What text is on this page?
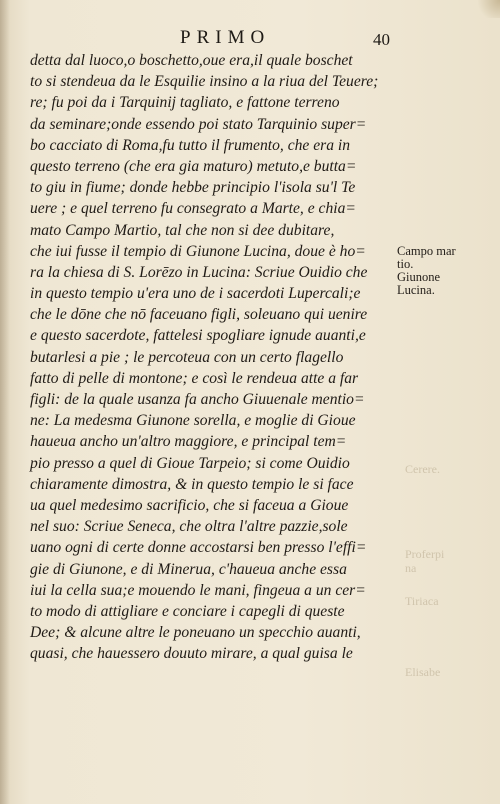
PRIMO	40
Cerere.
Proferpi
na
Tiriaca
Elisabe
detta dal luoco,o boschetto,oue era,il quale boschet
to si stendeua da le Esquilie insino a la riua del Teuere;
re; fu poi da i Tarquinij tagliato, e fattone terreno
da seminare;onde essendo poi stato Tarquinio super=
bo cacciato di Roma,fu tutto il frumento, che era in
questo terreno (che era gia maturo) metuto,e butta=
to giu in fiume; donde hebbe principio l'isola su'l Te
uere ; e quel terreno fu consegrato a Marte, e chia=
mato Campo Martio, tal che non si dee dubitare,
che iui fusse il tempio di Giunone Lucina, doue è ho=
ra la chiesa di S. Lorēzo in Lucina: Scriue Ouidio che
in questo tempio u'era uno de i sacerdoti Lupercali;e
che le dōne che nō faceuano figli, soleuano qui uenire
e questo sacerdote, fattelesi spogliare ignude auanti,e
butarlesi a pie ; le percoteua con un certo flagello
fatto di pelle di montone; e così le rendeua atte a far
figli: de la quale usanza fa ancho Giuuenale mentio=
ne: La medesma Giunone sorella, e moglie di Gioue
haueua ancho un'altro maggiore, e principal tem=
pio presso a quel di Gioue Tarpeio; si come Ouidio
chiaramente dimostra, & in questo tempio le si face
ua quel medesimo sacrificio, che si faceua a Gioue
nel suo: Scriue Seneca, che oltra l'altre pazzie,sole
uano ogni di certe donne accostarsi ben presso l'effi=
gie di Giunone, e di Minerua, c'haueua anche essa
iui la cella sua;e mouendo le mani, fingeua a un cer=
to modo di attigliare e conciare i capegli di queste
Dee; & alcune altre le poneuano un specchio auanti,
quasi, che hauessero douuto mirare, a qual guisa le
Campo mar
tio.
Giunone
Lucina.
